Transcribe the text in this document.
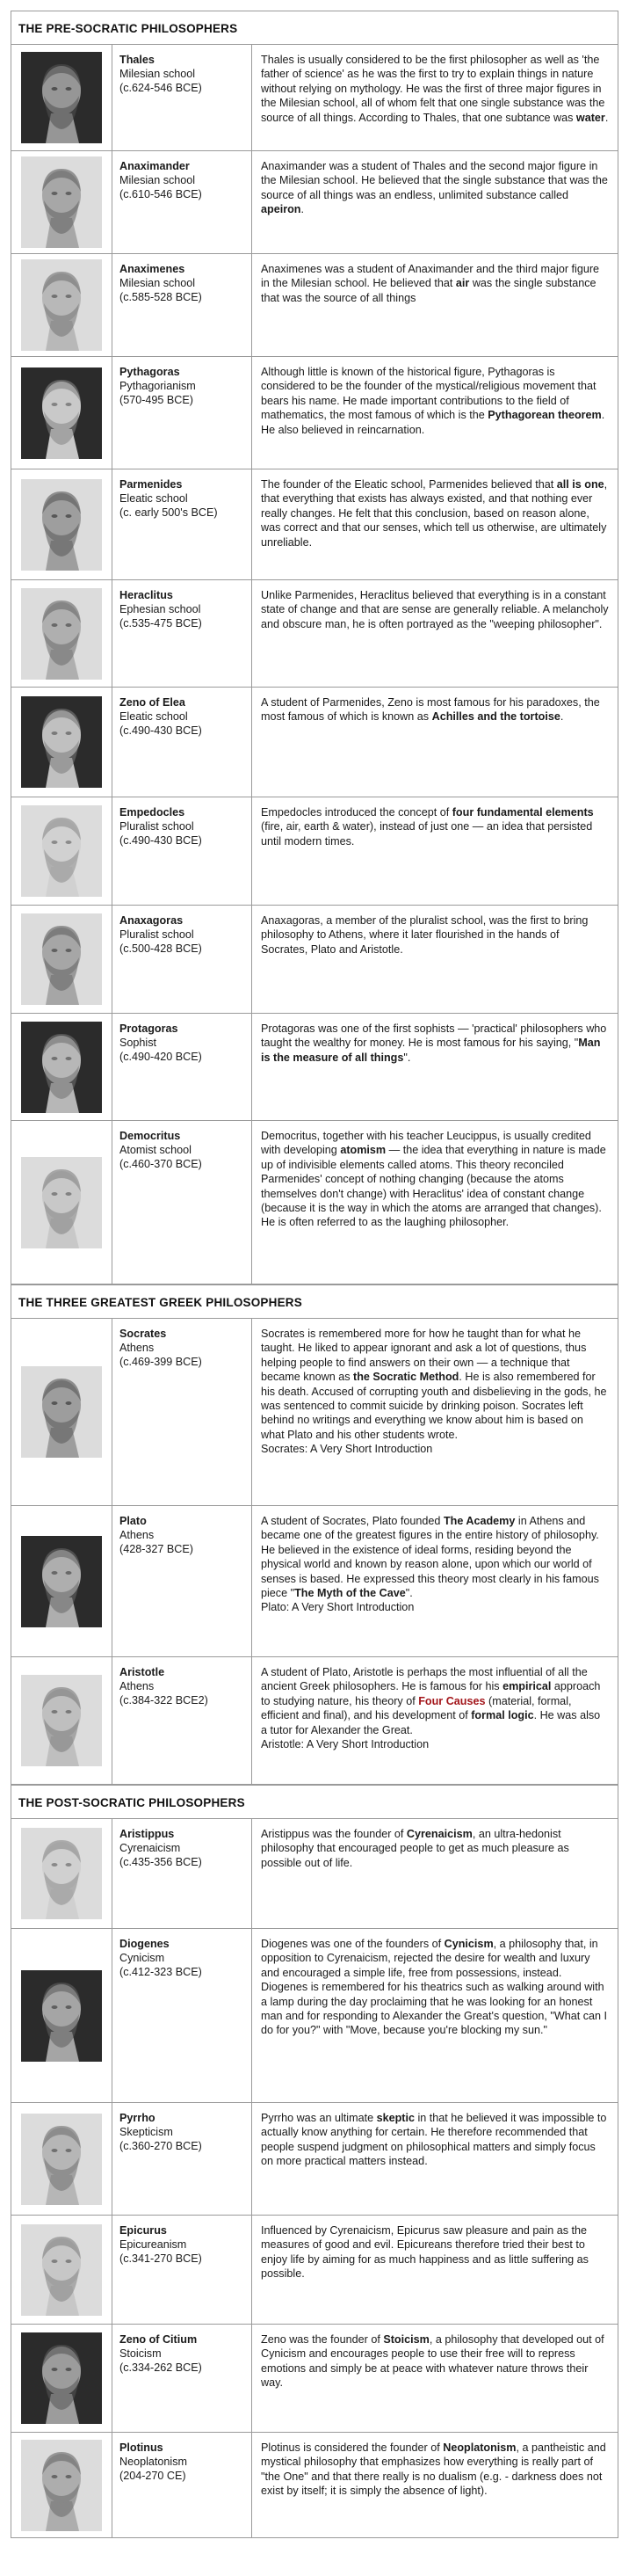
THE PRE-SOCRATIC PHILOSOPHERS
Thales
Milesian school
(c.624-546 BCE)
Thales is usually considered to be the first philosopher as well as 'the father of science' as he was the first to try to explain things in nature without relying on mythology. He was the first of three major figures in the Milesian school, all of whom felt that one single substance was the source of all things. According to Thales, that one subtance was water.
Anaximander
Milesian school
(c.610-546 BCE)
Anaximander was a student of Thales and the second major figure in the Milesian school. He believed that the single substance that was the source of all things was an endless, unlimited substance called apeiron.
Anaximenes
Milesian school
(c.585-528 BCE)
Anaximenes was a student of Anaximander and the third major figure in the Milesian school. He believed that air was the single substance that was the source of all things
Pythagoras
Pythagorianism
(570-495 BCE)
Although little is known of the historical figure, Pythagoras is considered to be the founder of the mystical/religious movement that bears his name. He made important contributions to the field of mathematics, the most famous of which is the Pythagorean theorem. He also believed in reincarnation.
Parmenides
Eleatic school
(c. early 500's BCE)
The founder of the Eleatic school, Parmenides believed that all is one, that everything that exists has always existed, and that nothing ever really changes. He felt that this conclusion, based on reason alone, was correct and that our senses, which tell us otherwise, are ultimately unreliable.
Heraclitus
Ephesian school
(c.535-475 BCE)
Unlike Parmenides, Heraclitus believed that everything is in a constant state of change and that are sense are generally reliable. A melancholy and obscure man, he is often portrayed as the "weeping philosopher".
Zeno of Elea
Eleatic school
(c.490-430 BCE)
A student of Parmenides, Zeno is most famous for his paradoxes, the most famous of which is known as Achilles and the tortoise.
Empedocles
Pluralist school
(c.490-430 BCE)
Empedocles introduced the concept of four fundamental elements (fire, air, earth & water), instead of just one — an idea that persisted until modern times.
Anaxagoras
Pluralist school
(c.500-428 BCE)
Anaxagoras, a member of the pluralist school, was the first to bring philosophy to Athens, where it later flourished in the hands of Socrates, Plato and Aristotle.
Protagoras
Sophist
(c.490-420 BCE)
Protagoras was one of the first sophists — 'practical' philosophers who taught the wealthy for money. He is most famous for his saying, "Man is the measure of all things".
Democritus
Atomist school
(c.460-370 BCE)
Democritus, together with his teacher Leucippus, is usually credited with developing atomism — the idea that everything in nature is made up of indivisible elements called atoms. This theory reconciled Parmenides' concept of nothing changing (because the atoms themselves don't change) with Heraclitus' idea of constant change (because it is the way in which the atoms are arranged that changes). He is often referred to as the laughing philosopher.
THE THREE GREATEST GREEK PHILOSOPHERS
Socrates
Athens
(c.469-399 BCE)
Socrates is remembered more for how he taught than for what he taught. He liked to appear ignorant and ask a lot of questions, thus helping people to find answers on their own — a technique that became known as the Socratic Method. He is also remembered for his death. Accused of corrupting youth and disbelieving in the gods, he was sentenced to commit suicide by drinking poison. Socrates left behind no writings and everything we know about him is based on what Plato and his other students wrote.
Socrates: A Very Short Introduction
Plato
Athens
(428-327 BCE)
A student of Socrates, Plato founded The Academy in Athens and became one of the greatest figures in the entire history of philosophy. He believed in the existence of ideal forms, residing beyond the physical world and known by reason alone, upon which our world of senses is based. He expressed this theory most clearly in his famous piece "The Myth of the Cave".
Plato: A Very Short Introduction
Aristotle
Athens
(c.384-322 BCE2)
A student of Plato, Aristotle is perhaps the most influential of all the ancient Greek philosophers. He is famous for his empirical approach to studying nature, his theory of Four Causes (material, formal, efficient and final), and his development of formal logic. He was also a tutor for Alexander the Great.
Aristotle: A Very Short Introduction
THE POST-SOCRATIC PHILOSOPHERS
Aristippus
Cyrenaicism
(c.435-356 BCE)
Aristippus was the founder of Cyrenaicism, an ultra-hedonist philosophy that encouraged people to get as much pleasure as possible out of life.
Diogenes
Cynicism
(c.412-323 BCE)
Diogenes was one of the founders of Cynicism, a philosophy that, in opposition to Cyrenaicism, rejected the desire for wealth and luxury and encouraged a simple life, free from possessions, instead. Diogenes is remembered for his theatrics such as walking around with a lamp during the day proclaiming that he was looking for an honest man and for responding to Alexander the Great's question, "What can I do for you?" with "Move, because you're blocking my sun."
Pyrrho
Skepticism
(c.360-270 BCE)
Pyrrho was an ultimate skeptic in that he believed it was impossible to actually know anything for certain. He therefore recommended that people suspend judgment on philosophical matters and simply focus on more practical matters instead.
Epicurus
Epicureanism
(c.341-270 BCE)
Influenced by Cyrenaicism, Epicurus saw pleasure and pain as the measures of good and evil. Epicureans therefore tried their best to enjoy life by aiming for as much happiness and as little suffering as possible.
Zeno of Citium
Stoicism
(c.334-262 BCE)
Zeno was the founder of Stoicism, a philosophy that developed out of Cynicism and encourages people to use their free will to repress emotions and simply be at peace with whatever nature throws their way.
Plotinus
Neoplatonism
(204-270 CE)
Plotinus is considered the founder of Neoplatonism, a pantheistic and mystical philosophy that emphasizes how everything is really part of "the One" and that there really is no dualism (e.g. - darkness does not exist by itself; it is simply the absence of light).
